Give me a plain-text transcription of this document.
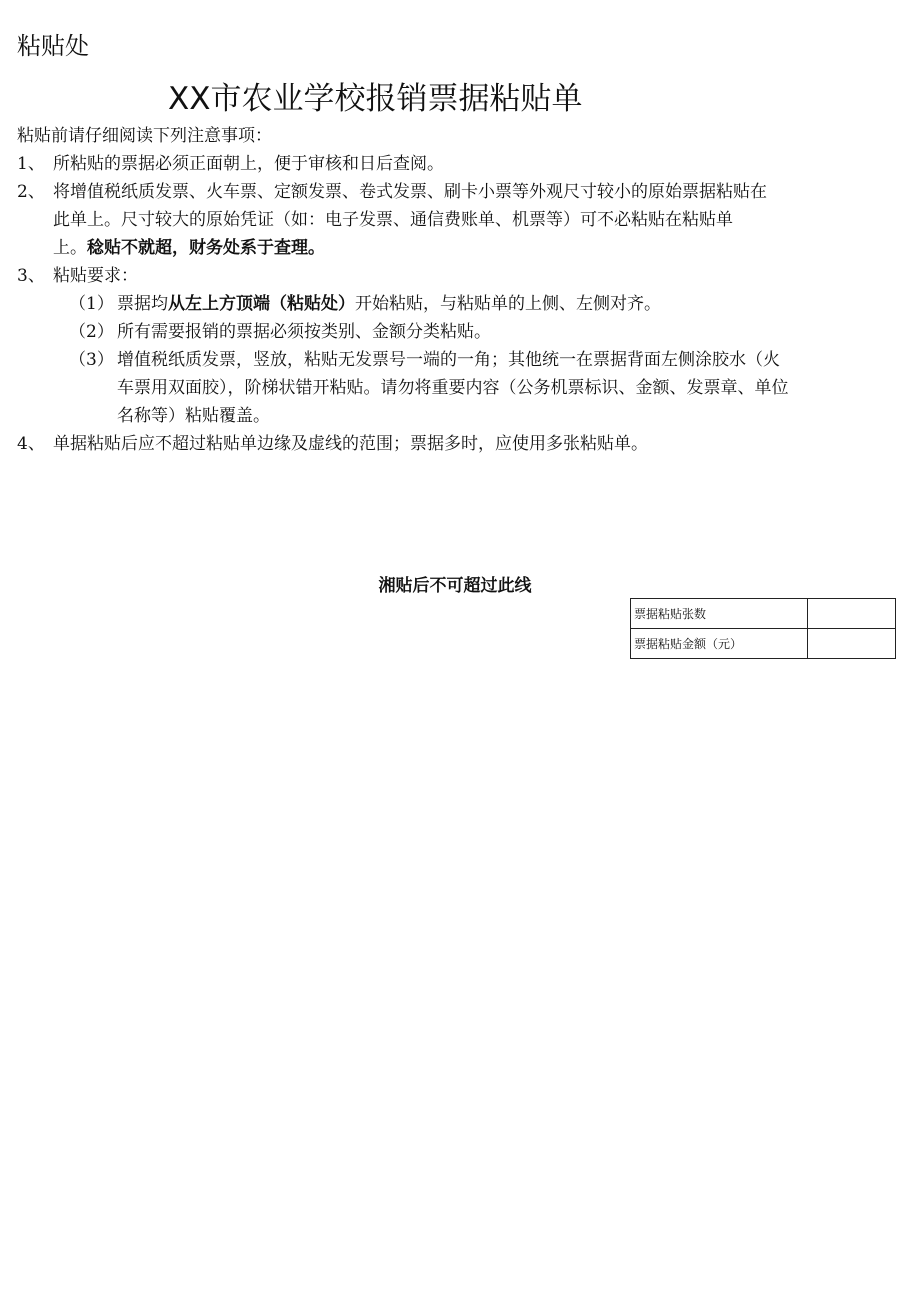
粘贴处
XX市农业学校报销票据粘贴单
粘贴前请仔细阅读下列注意事项：
1、 所粘贴的票据必须正面朝上，便于审核和日后查阅。
2、 将增值税纸质发票、火车票、定额发票、卷式发票、刷卡小票等外观尺寸较小的原始票据粘贴在
此单上。尺寸较大的原始凭证（如：电子发票、通信费账单、机票等）可不必粘贴在粘贴单
上。稔贴不就超，财务处系于查理。
3、 粘贴要求：
（1） 票据均从左上方顶端（粘贴处）开始粘贴，与粘贴单的上侧、左侧对齐。
（2） 所有需要报销的票据必须按类别、金额分类粘贴。
（3） 增值税纸质发票，竖放，粘贴无发票号一端的一角；其他统一在票据背面左侧涂胶水（火
车票用双面胶），阶梯状错开粘贴。请勿将重要内容（公务机票标识、金额、发票章、单位
名称等）粘贴覆盖。
4、 单据粘贴后应不超过粘贴单边缘及虚线的范围；票据多时，应使用多张粘贴单。
湘贴后不可超过此线
票据粘贴张数	
票据粘贴金额（元）	
